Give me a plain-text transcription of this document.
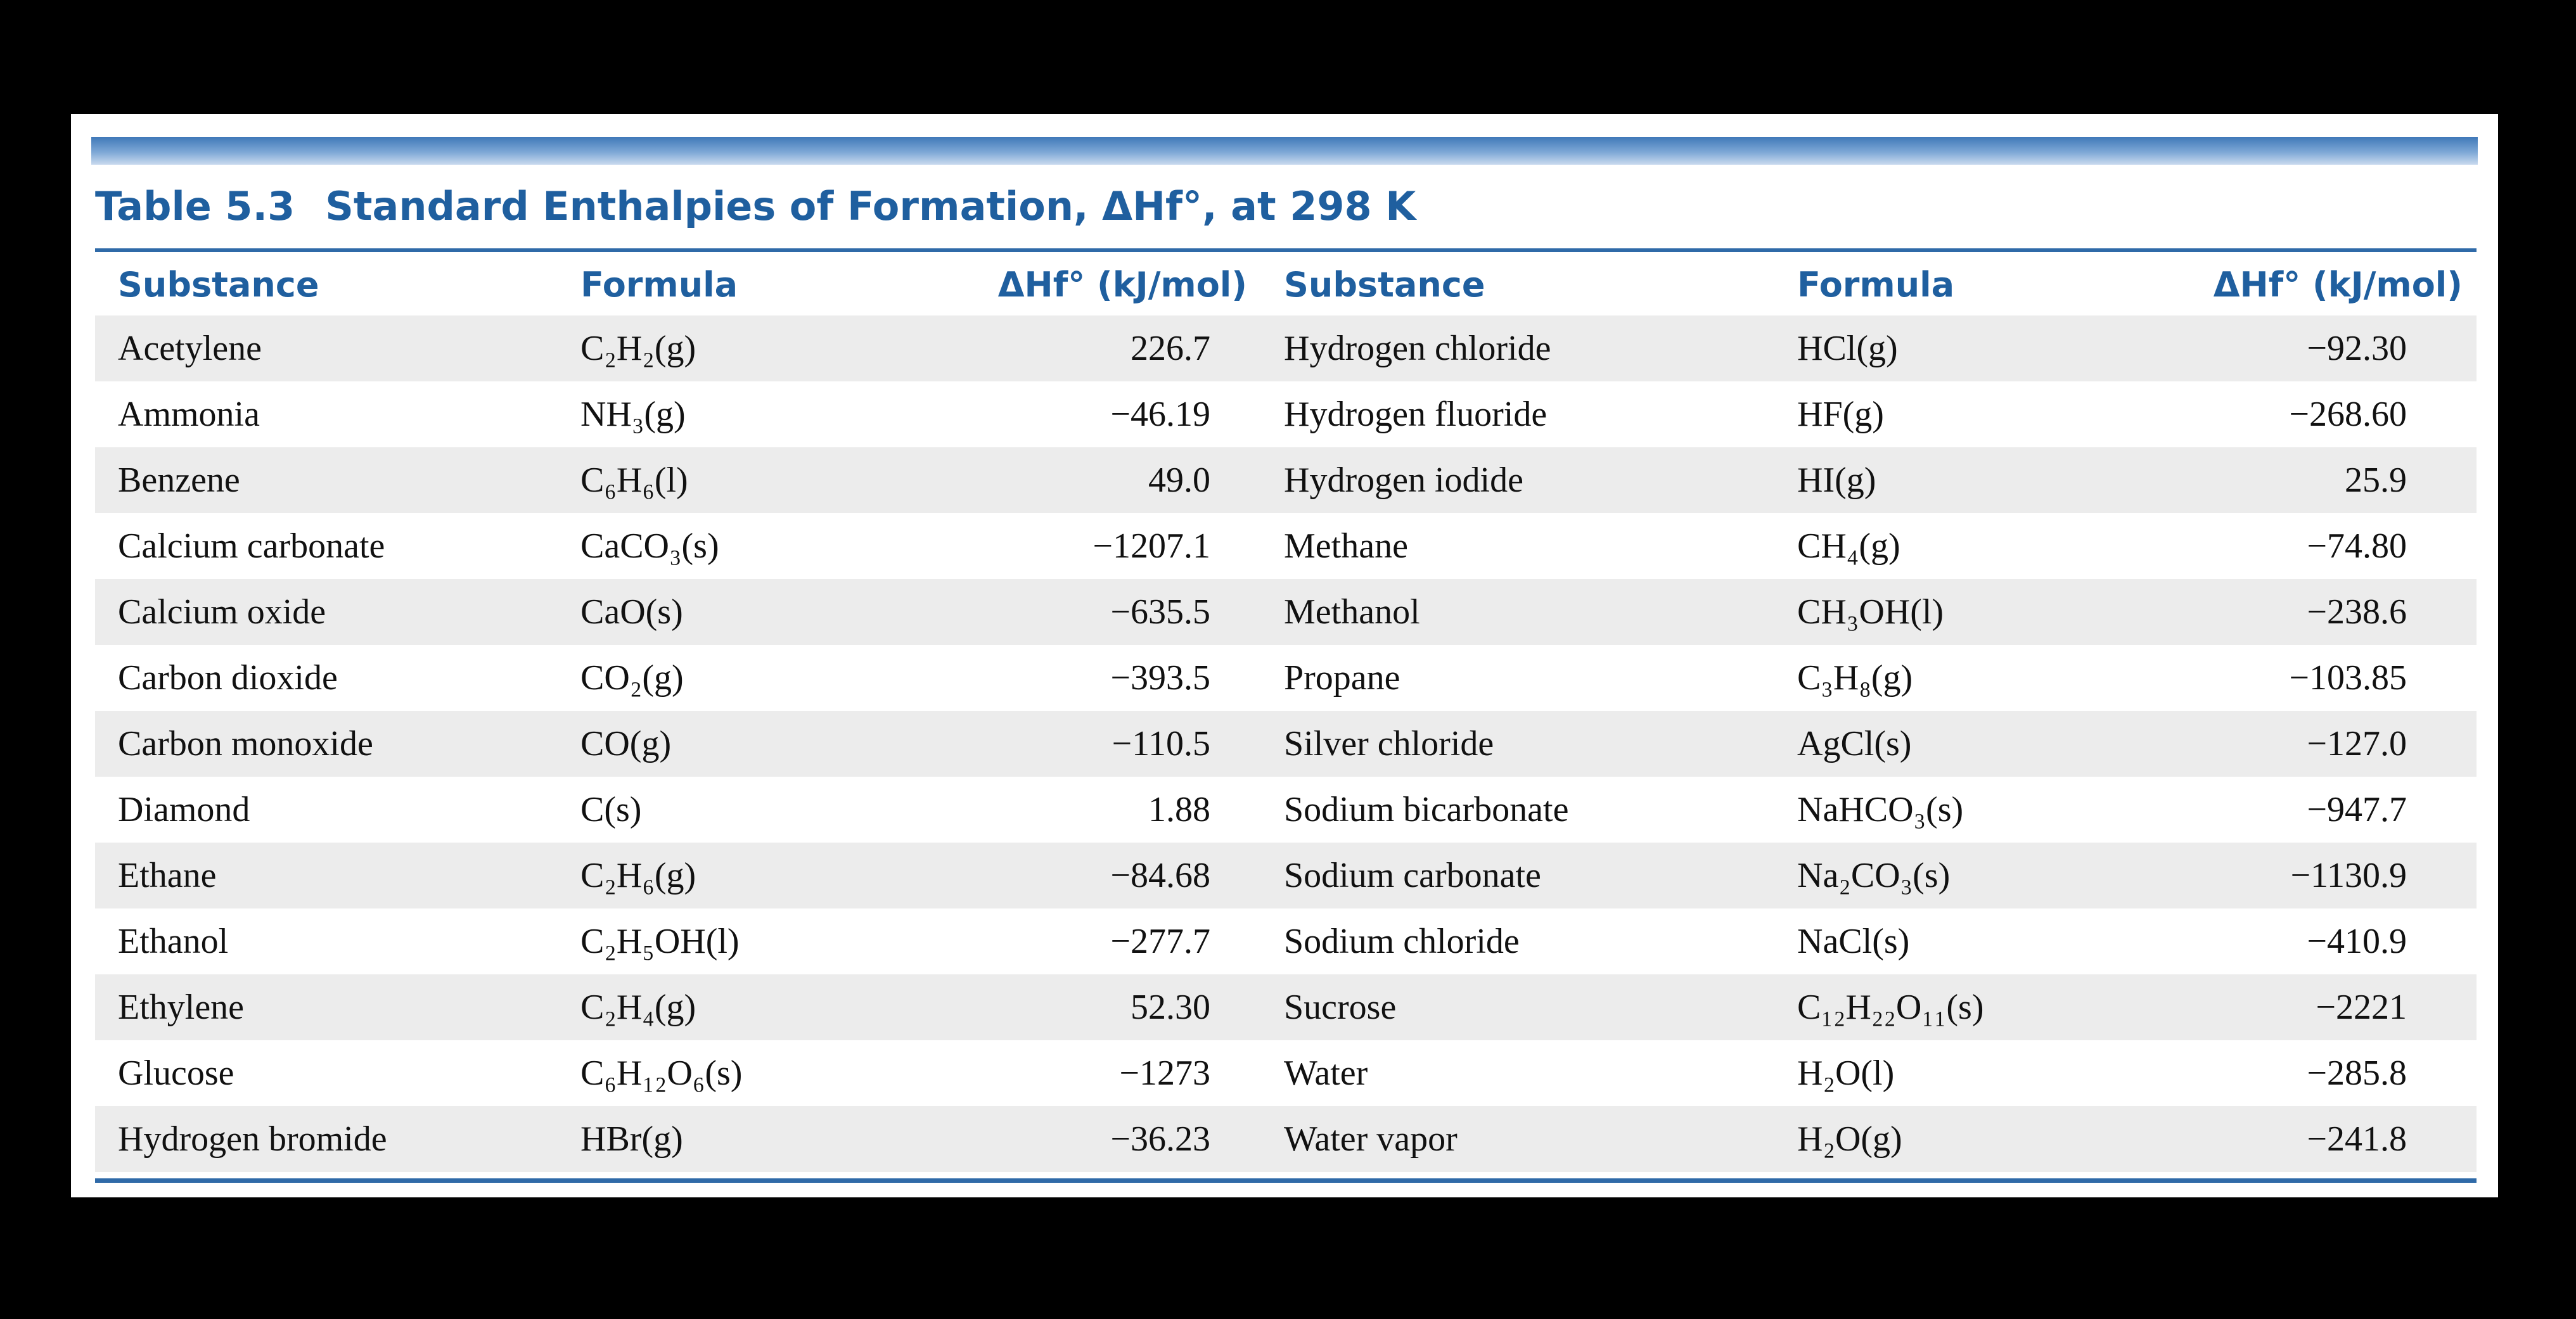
Table 5.3 Standard Enthalpies of Formation, ΔHf°, at 298 K
Substance	Formula	ΔHf° (kJ/mol)	Substance	Formula	ΔHf° (kJ/mol)
Acetylene	C₂H₂(g)	226.7	Hydrogen chloride	HCl(g)	−92.30
Ammonia	NH₃(g)	−46.19	Hydrogen fluoride	HF(g)	−268.60
Benzene	C₆H₆(l)	49.0	Hydrogen iodide	HI(g)	25.9
Calcium carbonate	CaCO₃(s)	−1207.1	Methane	CH₄(g)	−74.80
Calcium oxide	CaO(s)	−635.5	Methanol	CH₃OH(l)	−238.6
Carbon dioxide	CO₂(g)	−393.5	Propane	C₃H₈(g)	−103.85
Carbon monoxide	CO(g)	−110.5	Silver chloride	AgCl(s)	−127.0
Diamond	C(s)	1.88	Sodium bicarbonate	NaHCO₃(s)	−947.7
Ethane	C₂H₆(g)	−84.68	Sodium carbonate	Na₂CO₃(s)	−1130.9
Ethanol	C₂H₅OH(l)	−277.7	Sodium chloride	NaCl(s)	−410.9
Ethylene	C₂H₄(g)	52.30	Sucrose	C₁₂H₂₂O₁₁(s)	−2221
Glucose	C₆H₁₂O₆(s)	−1273	Water	H₂O(l)	−285.8
Hydrogen bromide	HBr(g)	−36.23	Water vapor	H₂O(g)	−241.8
